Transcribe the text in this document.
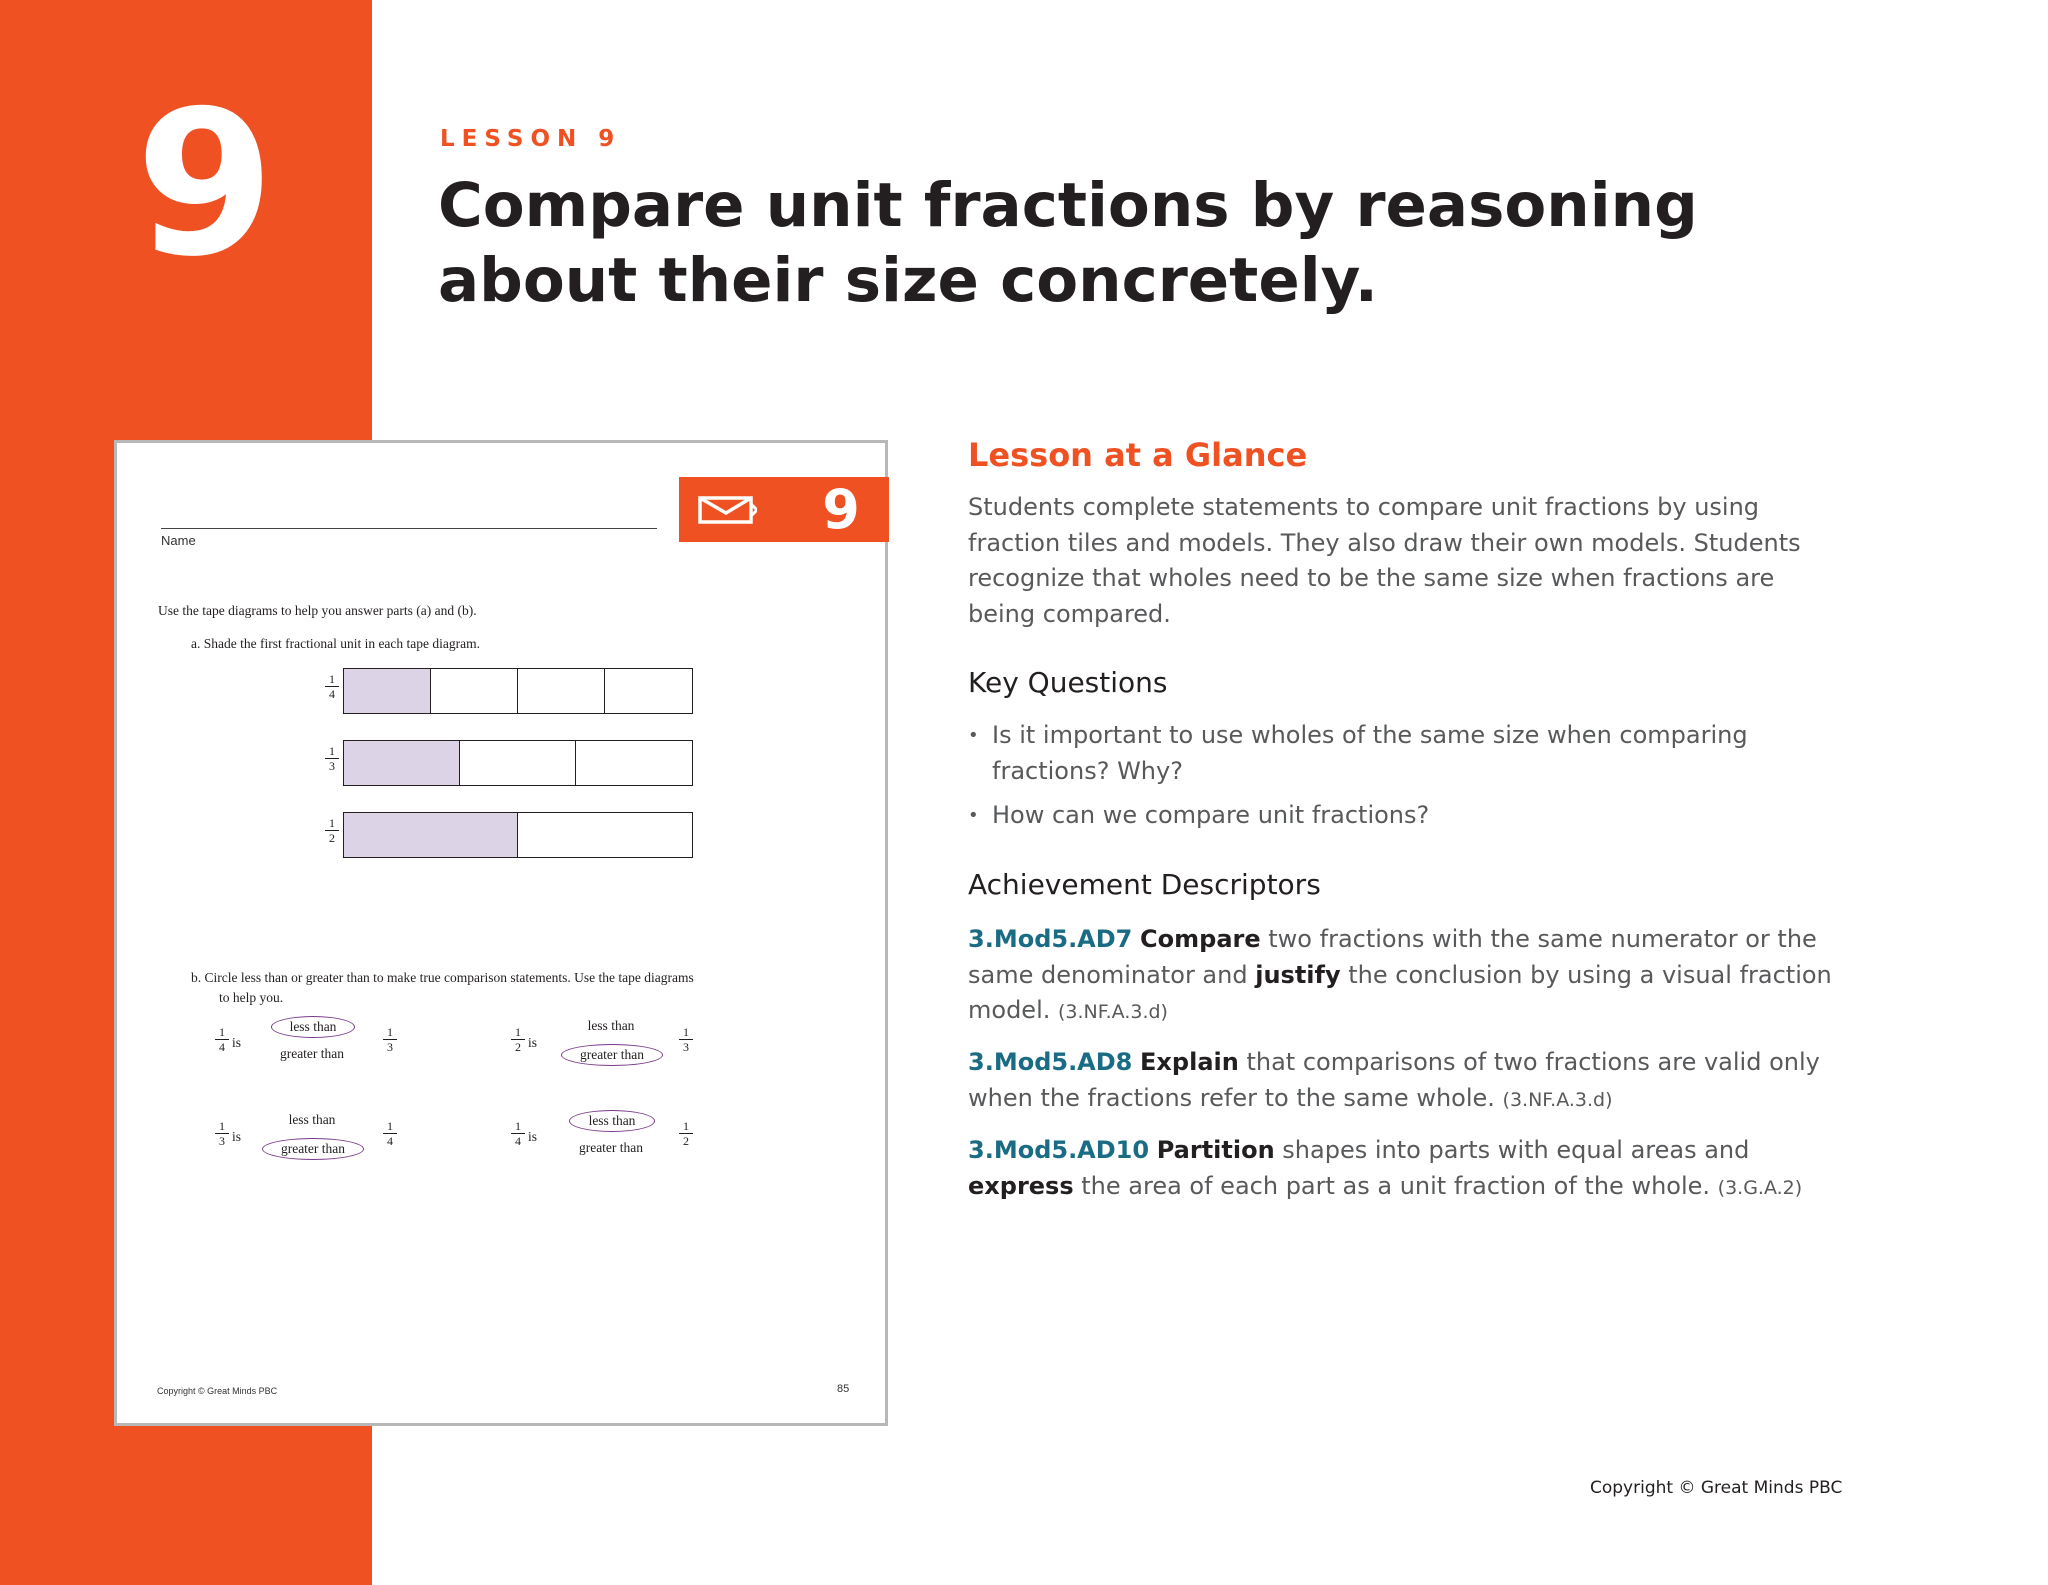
9	LESSON 9
Compare unit fractions by reasoning
about their size concretely.
Name	9
Use the tape diagrams to help you answer parts (a) and (b).
a. Shade the first fractional unit in each tape diagram.
$\frac{1}{4}$
$\frac{1}{3}$
$\frac{1}{2}$
b. Circle less than or greater than to make true comparison statements. Use the tape diagrams
to help you.
$\frac{1}{4}$ is
less than
greater than
$\frac{1}{3}$	$\frac{1}{2}$ is
less than
greater than
$\frac{1}{3}$
$\frac{1}{3}$ is
less than
greater than
$\frac{1}{4}$	$\frac{1}{4}$ is
less than
greater than
$\frac{1}{2}$
Copyright © Great Minds PBC	85
Lesson at a Glance
Students complete statements to compare unit fractions by using fraction tiles and models. They also draw their own models. Students recognize that wholes need to be the same size when fractions are being compared.
Key Questions
• Is it important to use wholes of the same size when comparing fractions? Why?
• How can we compare unit fractions?
Achievement Descriptors
3.Mod5.AD7 Compare two fractions with the same numerator or the same denominator and justify the conclusion by using a visual fraction model. (3.NF.A.3.d)
3.Mod5.AD8 Explain that comparisons of two fractions are valid only when the fractions refer to the same whole. (3.NF.A.3.d)
3.Mod5.AD10 Partition shapes into parts with equal areas and express the area of each part as a unit fraction of the whole. (3.G.A.2)
Copyright © Great Minds PBC
